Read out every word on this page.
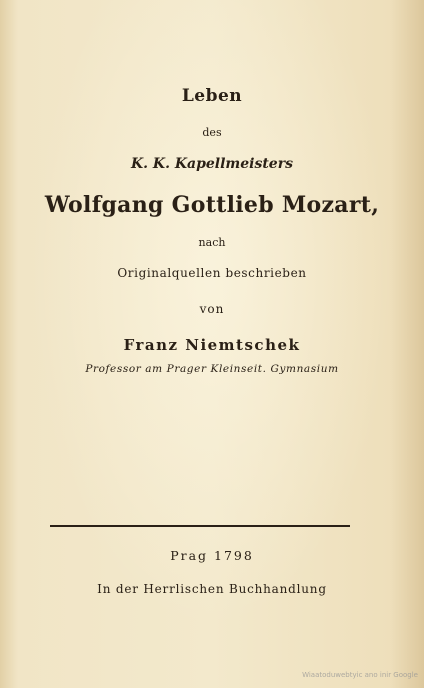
Leben
des
K. K. Kapellmeisters
Wolfgang Gottlieb Mozart,
nach
Originalquellen beschrieben
von
Franz Niemtschek
Professor am Prager Kleinseit. Gymnasium
Prag 1798
In der Herrlischen Buchhandlung
Wiaatoduwebtyic ano inir Google
